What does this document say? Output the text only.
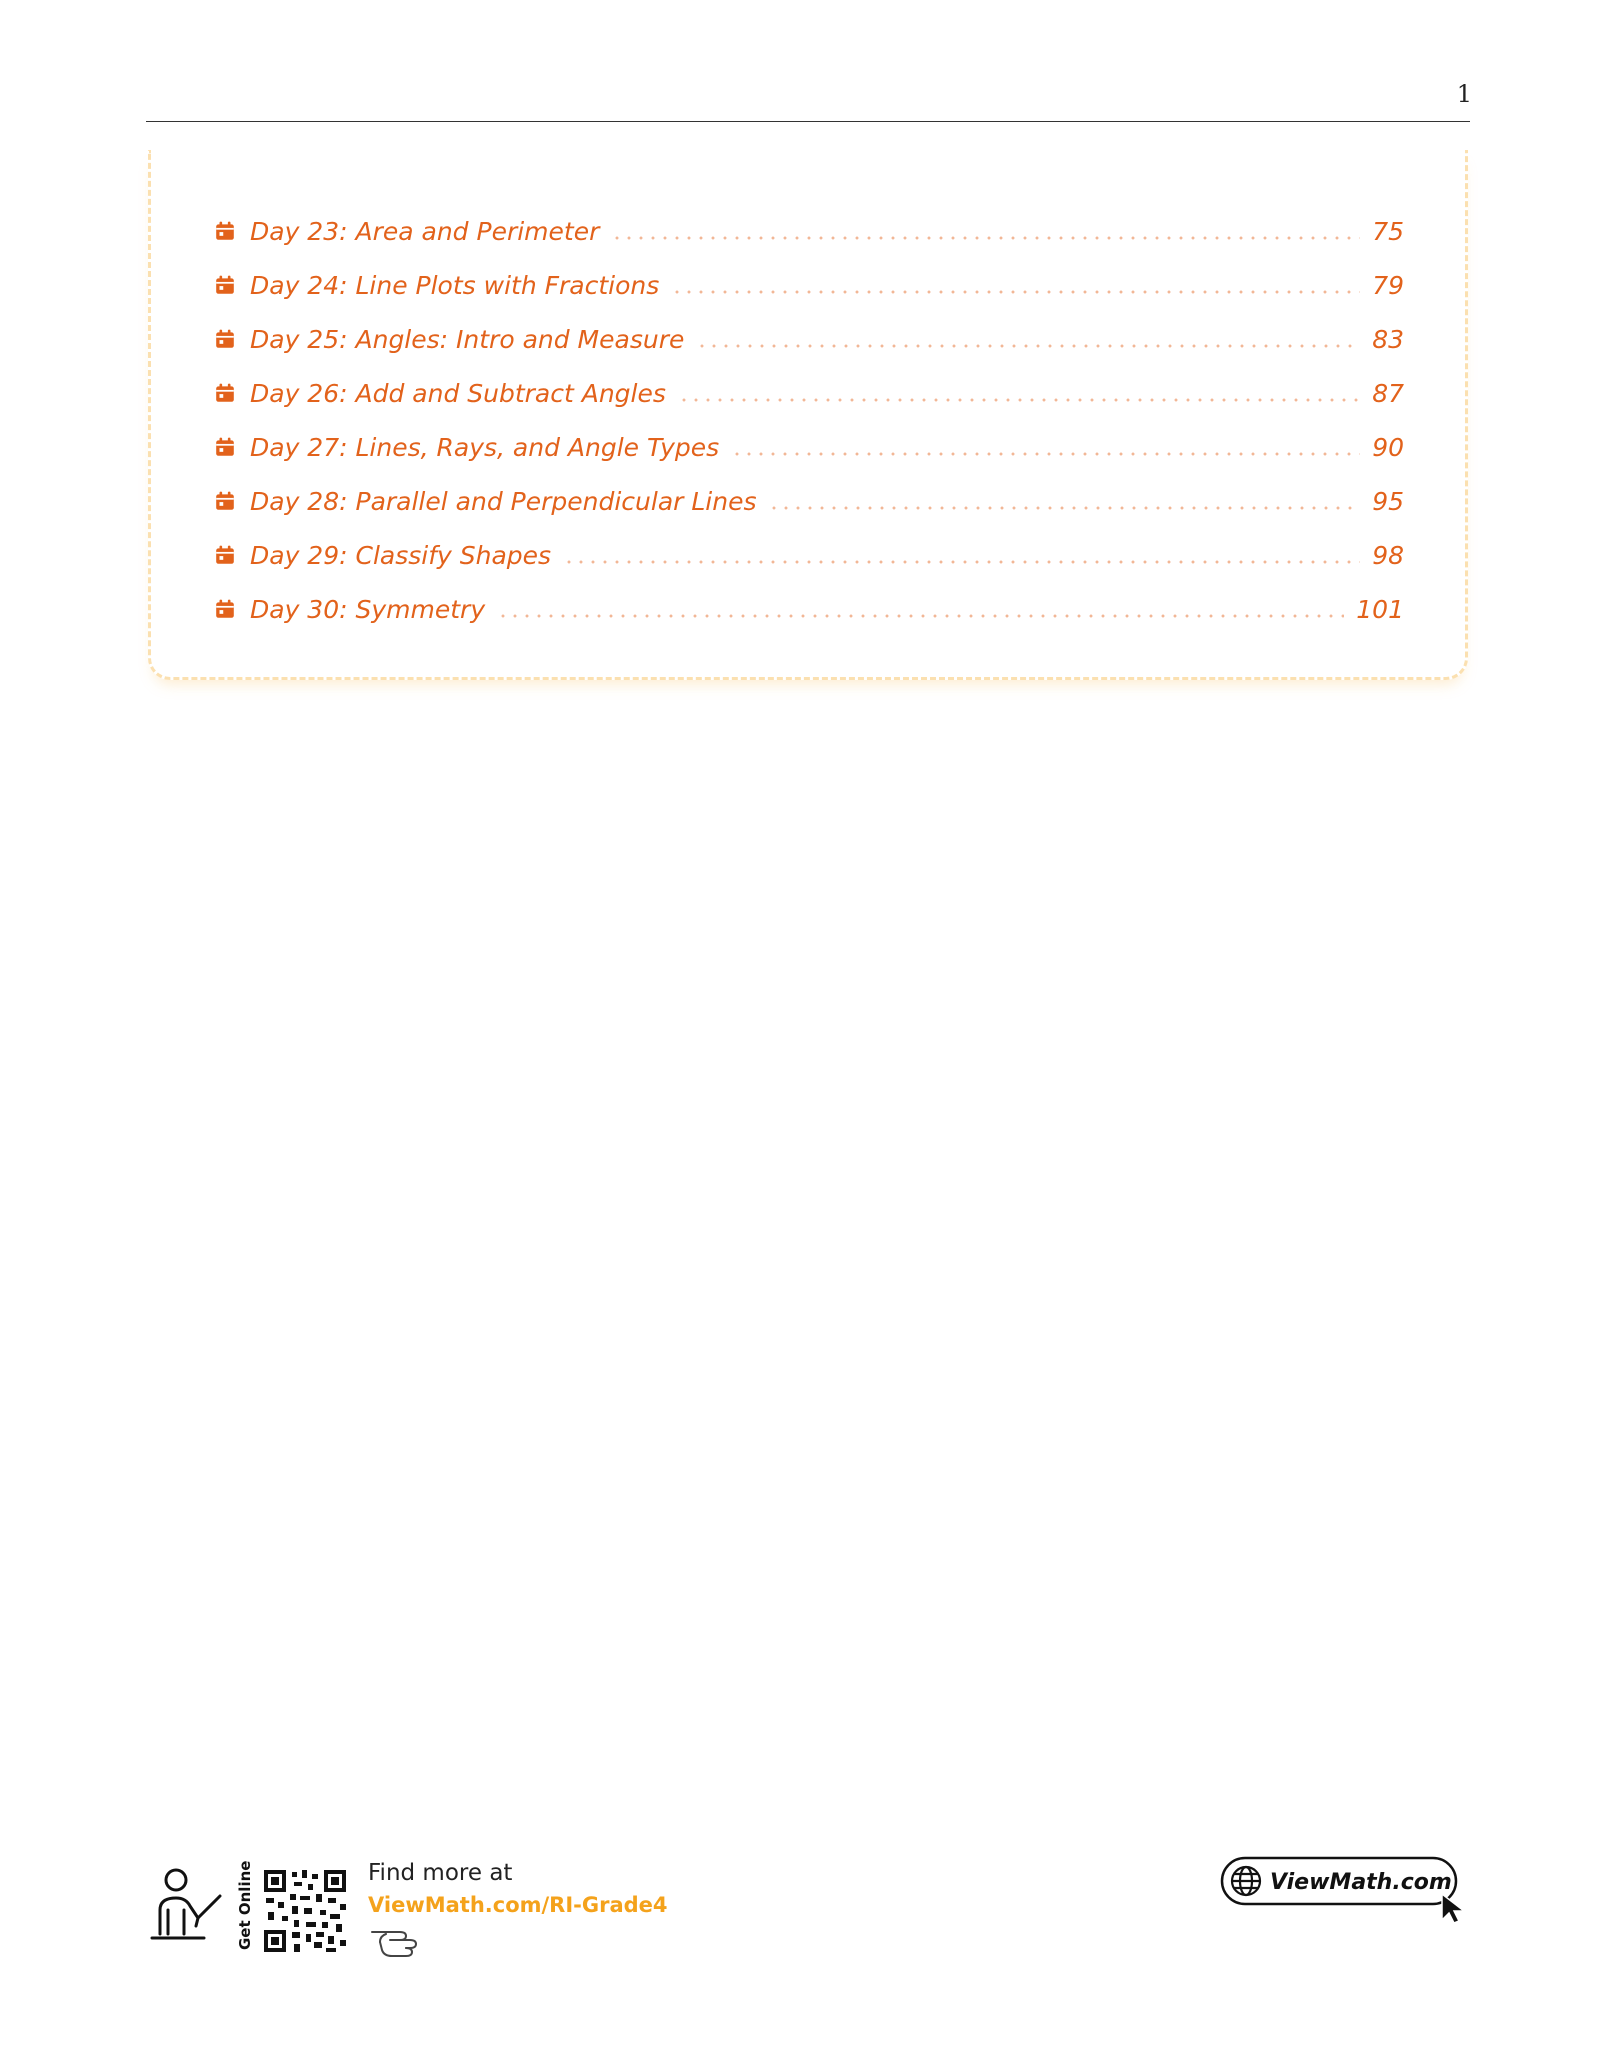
1
Day 23: Area and Perimeter	75
Day 24: Line Plots with Fractions	79
Day 25: Angles: Intro and Measure	83
Day 26: Add and Subtract Angles	87
Day 27: Lines, Rays, and Angle Types	90
Day 28: Parallel and Perpendicular Lines	95
Day 29: Classify Shapes	98
Day 30: Symmetry	101
Get Online	Find more at
ViewMath.com/RI-Grade4
ViewMath.com
